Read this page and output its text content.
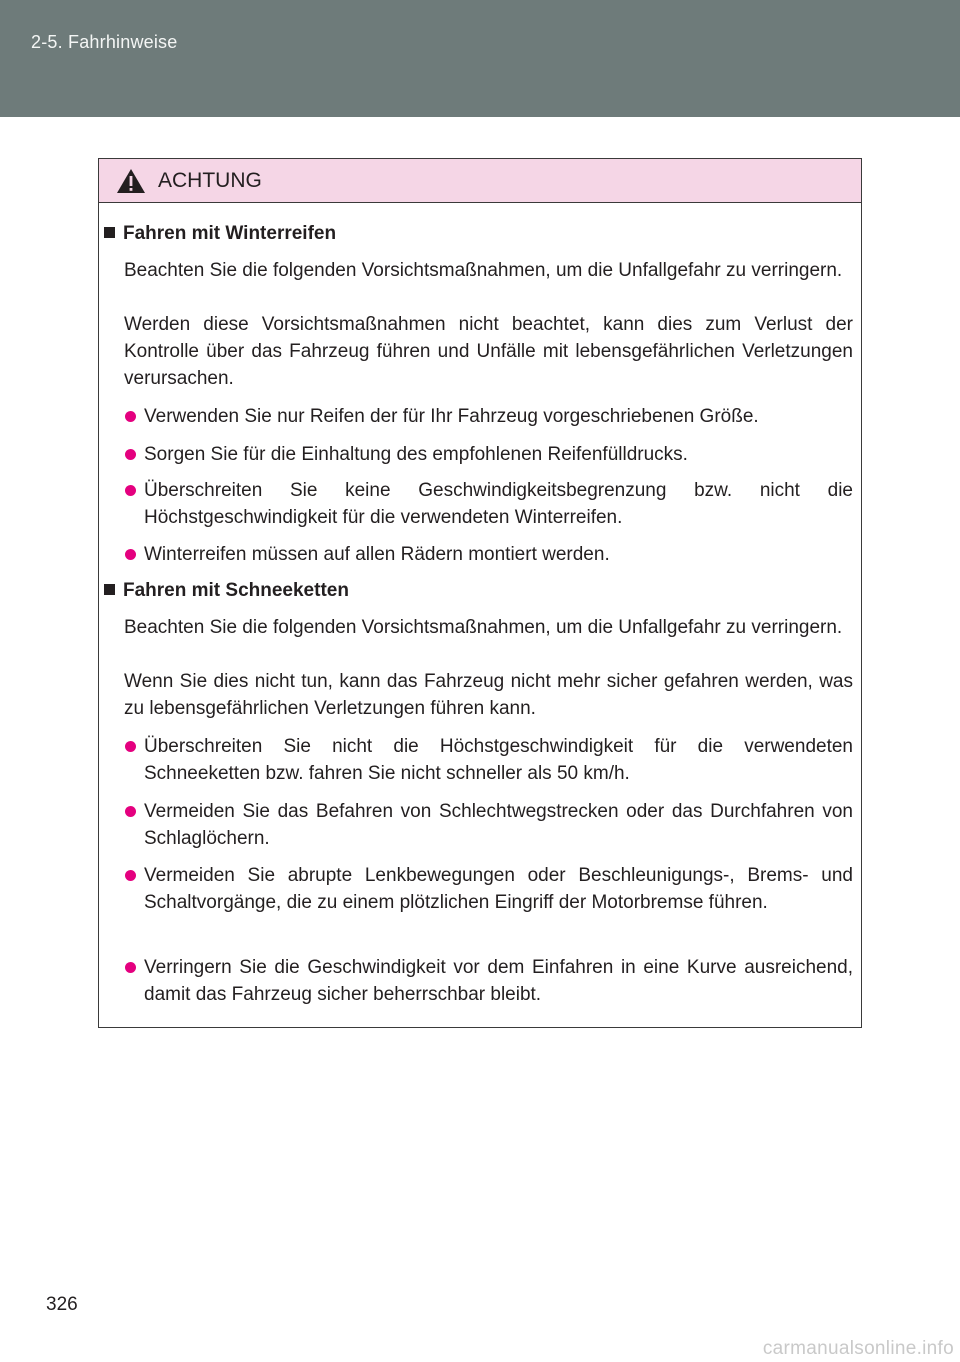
2-5. Fahrhinweise
ACHTUNG
Fahren mit Winterreifen
Beachten Sie die folgenden Vorsichtsmaßnahmen, um die Unfallgefahr zu verringern.
Werden diese Vorsichtsmaßnahmen nicht beachtet, kann dies zum Verlust der Kontrolle über das Fahrzeug führen und Unfälle mit lebensgefährlichen Verletzungen verursachen.
Verwenden Sie nur Reifen der für Ihr Fahrzeug vorgeschriebenen Größe.
Sorgen Sie für die Einhaltung des empfohlenen Reifenfülldrucks.
Überschreiten Sie keine Geschwindigkeitsbegrenzung bzw. nicht die Höchstgeschwindigkeit für die verwendeten Winterreifen.
Winterreifen müssen auf allen Rädern montiert werden.
Fahren mit Schneeketten
Beachten Sie die folgenden Vorsichtsmaßnahmen, um die Unfallgefahr zu verringern.
Wenn Sie dies nicht tun, kann das Fahrzeug nicht mehr sicher gefahren werden, was zu lebensgefährlichen Verletzungen führen kann.
Überschreiten Sie nicht die Höchstgeschwindigkeit für die verwendeten Schneeketten bzw. fahren Sie nicht schneller als 50 km/h.
Vermeiden Sie das Befahren von Schlechtwegstrecken oder das Durchfahren von Schlaglöchern.
Vermeiden Sie abrupte Lenkbewegungen oder Beschleunigungs-, Brems- und Schaltvorgänge, die zu einem plötzlichen Eingriff der Motorbremse führen.
Verringern Sie die Geschwindigkeit vor dem Einfahren in eine Kurve ausreichend, damit das Fahrzeug sicher beherrschbar bleibt.
326
carmanualsonline.info
